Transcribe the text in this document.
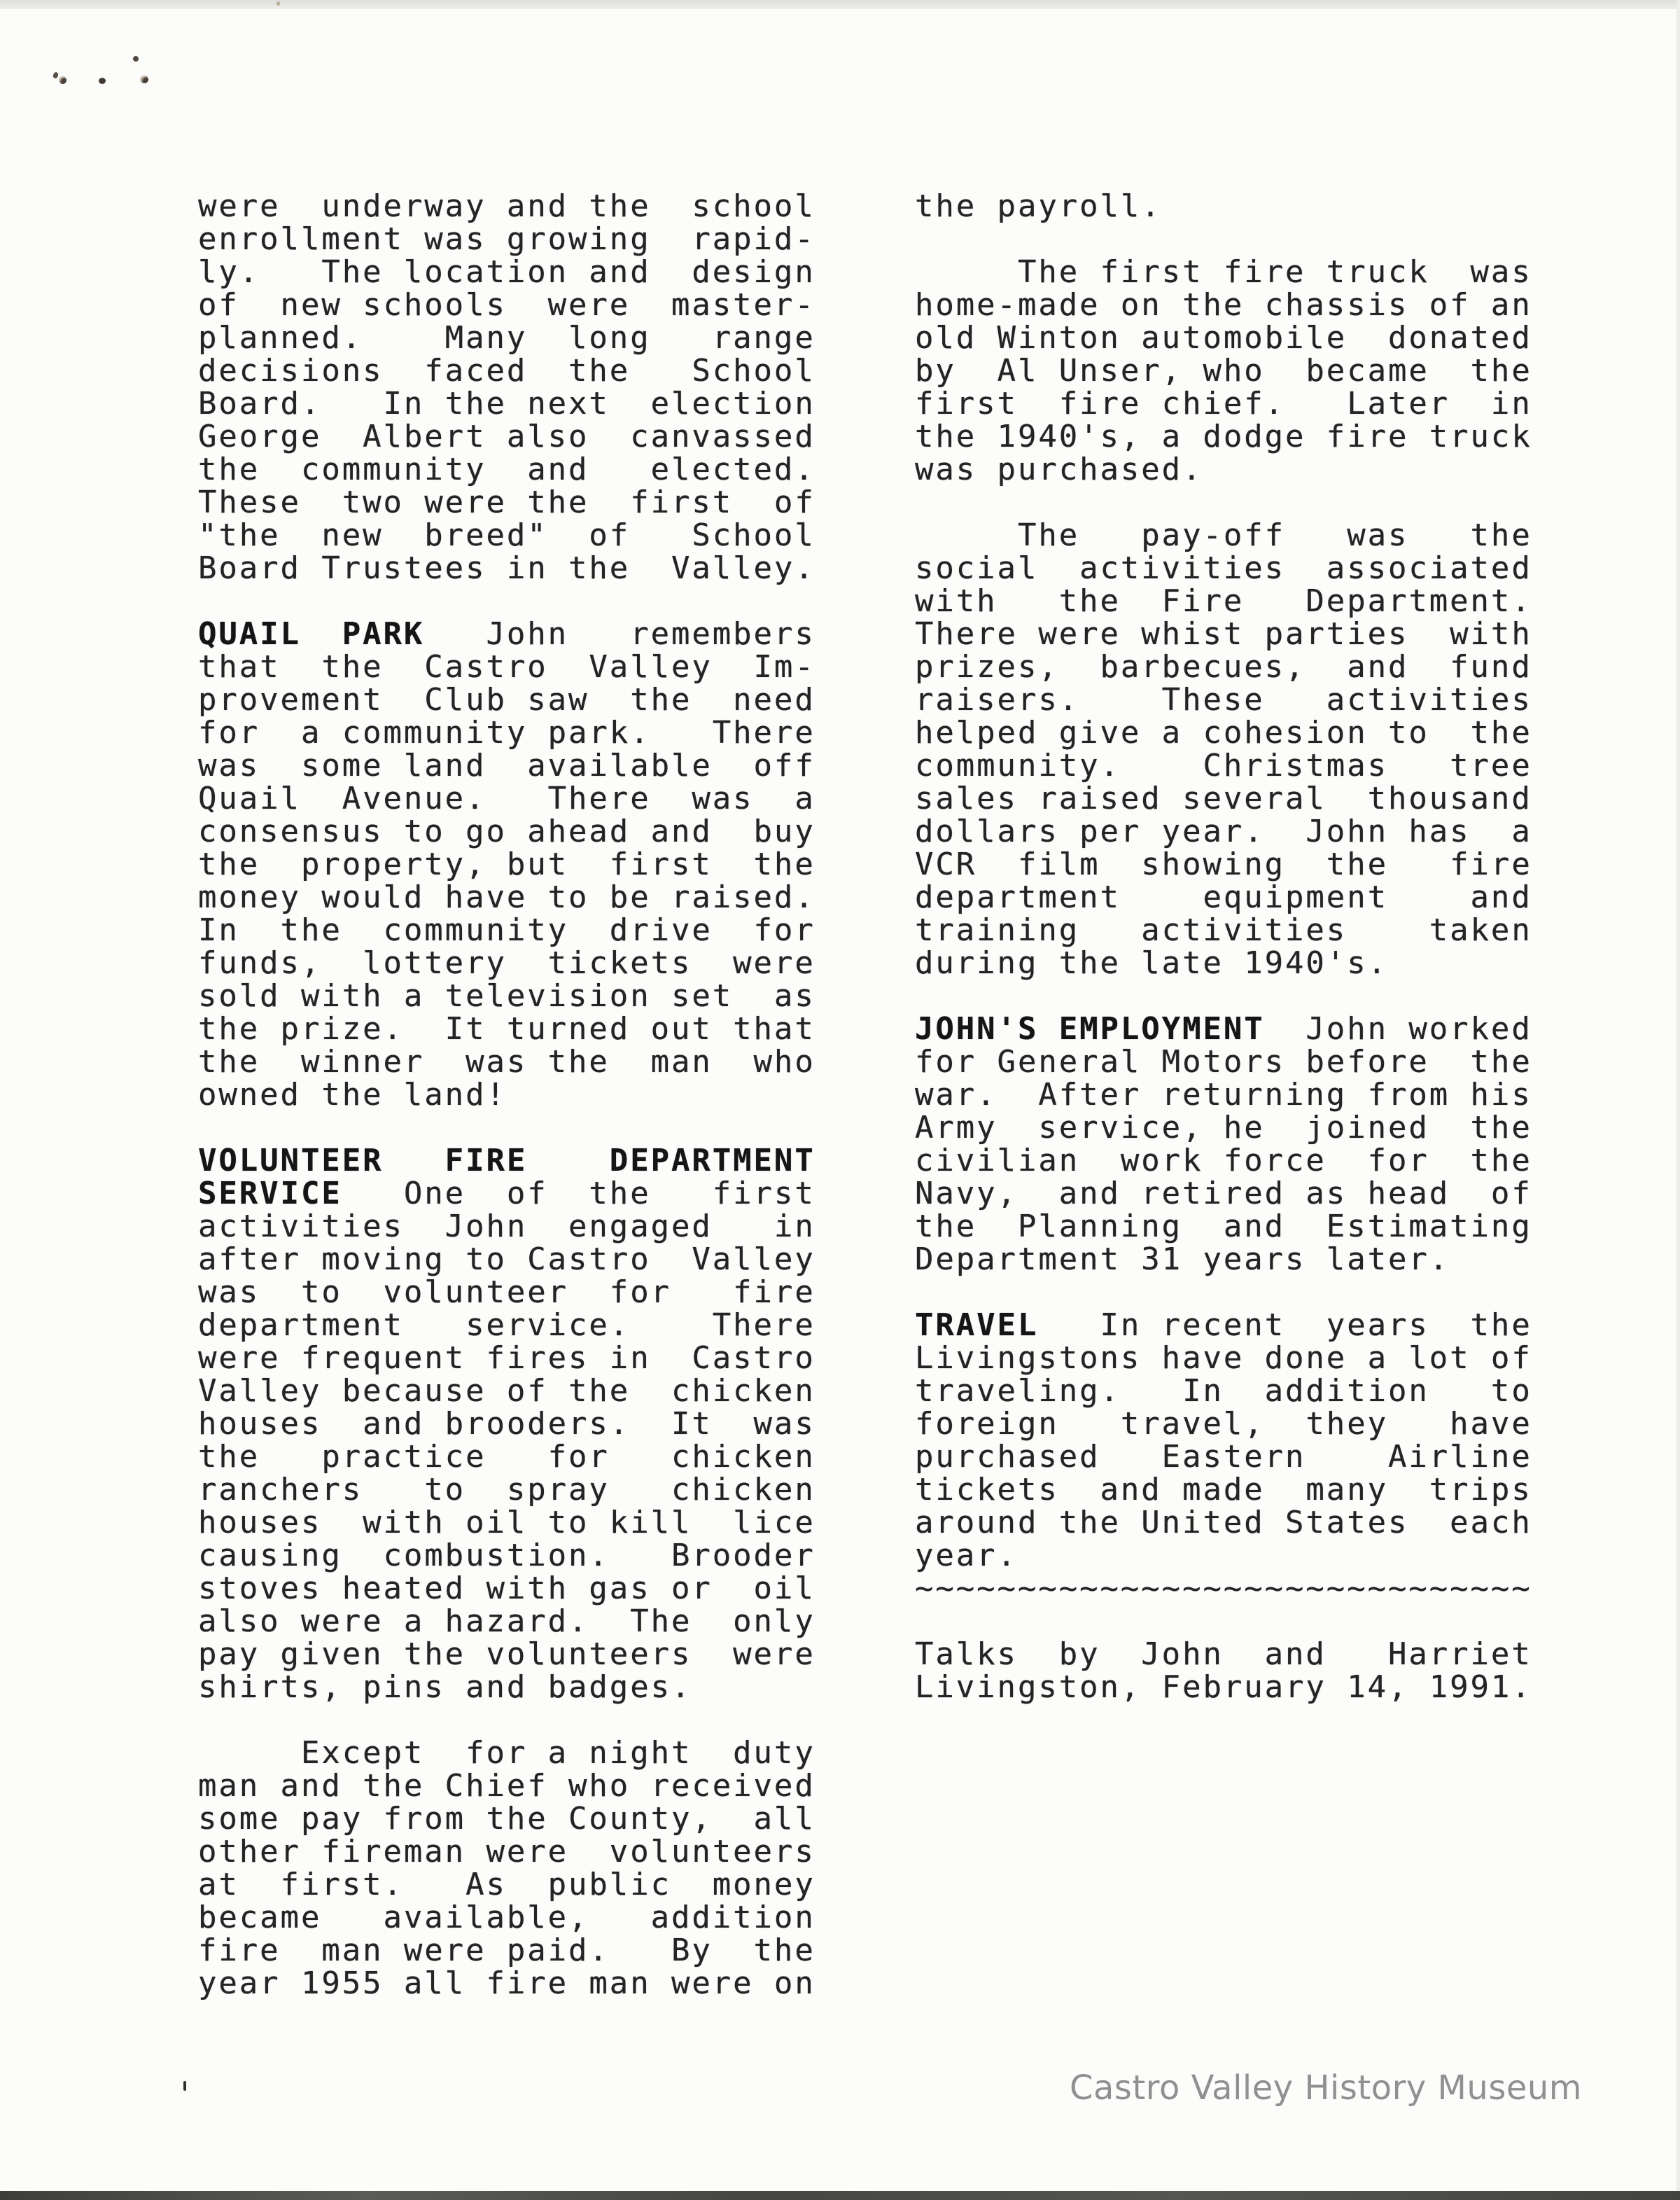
were  underway and the  school
enrollment was growing  rapid-
ly.   The location and  design
of  new schools  were  master-
planned.    Many  long   range
decisions  faced  the   School
Board.   In the next  election
George  Albert also  canvassed
the  community  and   elected.
These  two were the  first  of
"the  new  breed"  of   School
Board Trustees in the  Valley.
QUAIL  PARK   John   remembers
that  the  Castro  Valley  Im-
provement  Club saw  the  need
for  a community park.   There
was  some land  available  off
Quail  Avenue.   There  was  a
consensus to go ahead and  buy
the  property, but  first  the
money would have to be raised.
In  the  community  drive  for
funds,  lottery  tickets  were
sold with a television set  as
the prize.  It turned out that
the  winner  was the  man  who
owned the land!
VOLUNTEER   FIRE    DEPARTMENT
SERVICE   One  of  the   first
activities  John  engaged   in
after moving to Castro  Valley
was  to  volunteer  for   fire
department   service.    There
were frequent fires in  Castro
Valley because of the  chicken
houses  and brooders.  It  was
the   practice   for   chicken
ranchers   to  spray   chicken
houses  with oil to kill  lice
causing  combustion.   Brooder
stoves heated with gas or  oil
also were a hazard.  The  only
pay given the volunteers  were
shirts, pins and badges.
Except  for a night  duty
man and the Chief who received
some pay from the County,  all
other fireman were  volunteers
at  first.   As  public  money
became   available,   addition
fire  man were paid.   By  the
year 1955 all fire man were on
the payroll.
The first fire truck  was
home-made on the chassis of an
old Winton automobile  donated
by  Al Unser, who  became  the
first  fire chief.   Later  in
the 1940's, a dodge fire truck
was purchased.
The   pay-off   was   the
social  activities  associated
with   the  Fire   Department.
There were whist parties  with
prizes,  barbecues,  and  fund
raisers.    These   activities
helped give a cohesion to  the
community.    Christmas   tree
sales raised several  thousand
dollars per year.  John has  a
VCR  film  showing  the   fire
department    equipment    and
training   activities    taken
during the late 1940's.
JOHN'S EMPLOYMENT  John worked
for General Motors before  the
war.  After returning from his
Army  service, he  joined  the
civilian  work force  for  the
Navy,  and retired as head  of
the  Planning  and  Estimating
Department 31 years later.
TRAVEL   In recent  years  the
Livingstons have done a lot of
traveling.   In  addition   to
foreign   travel,  they   have
purchased   Eastern    Airline
tickets  and made  many  trips
around the United States  each
year.
~~~~~~~~~~~~~~~~~~~~~~~~~~~~~~
Talks  by  John  and   Harriet
Livingston, February 14, 1991.
Castro Valley History Museum
